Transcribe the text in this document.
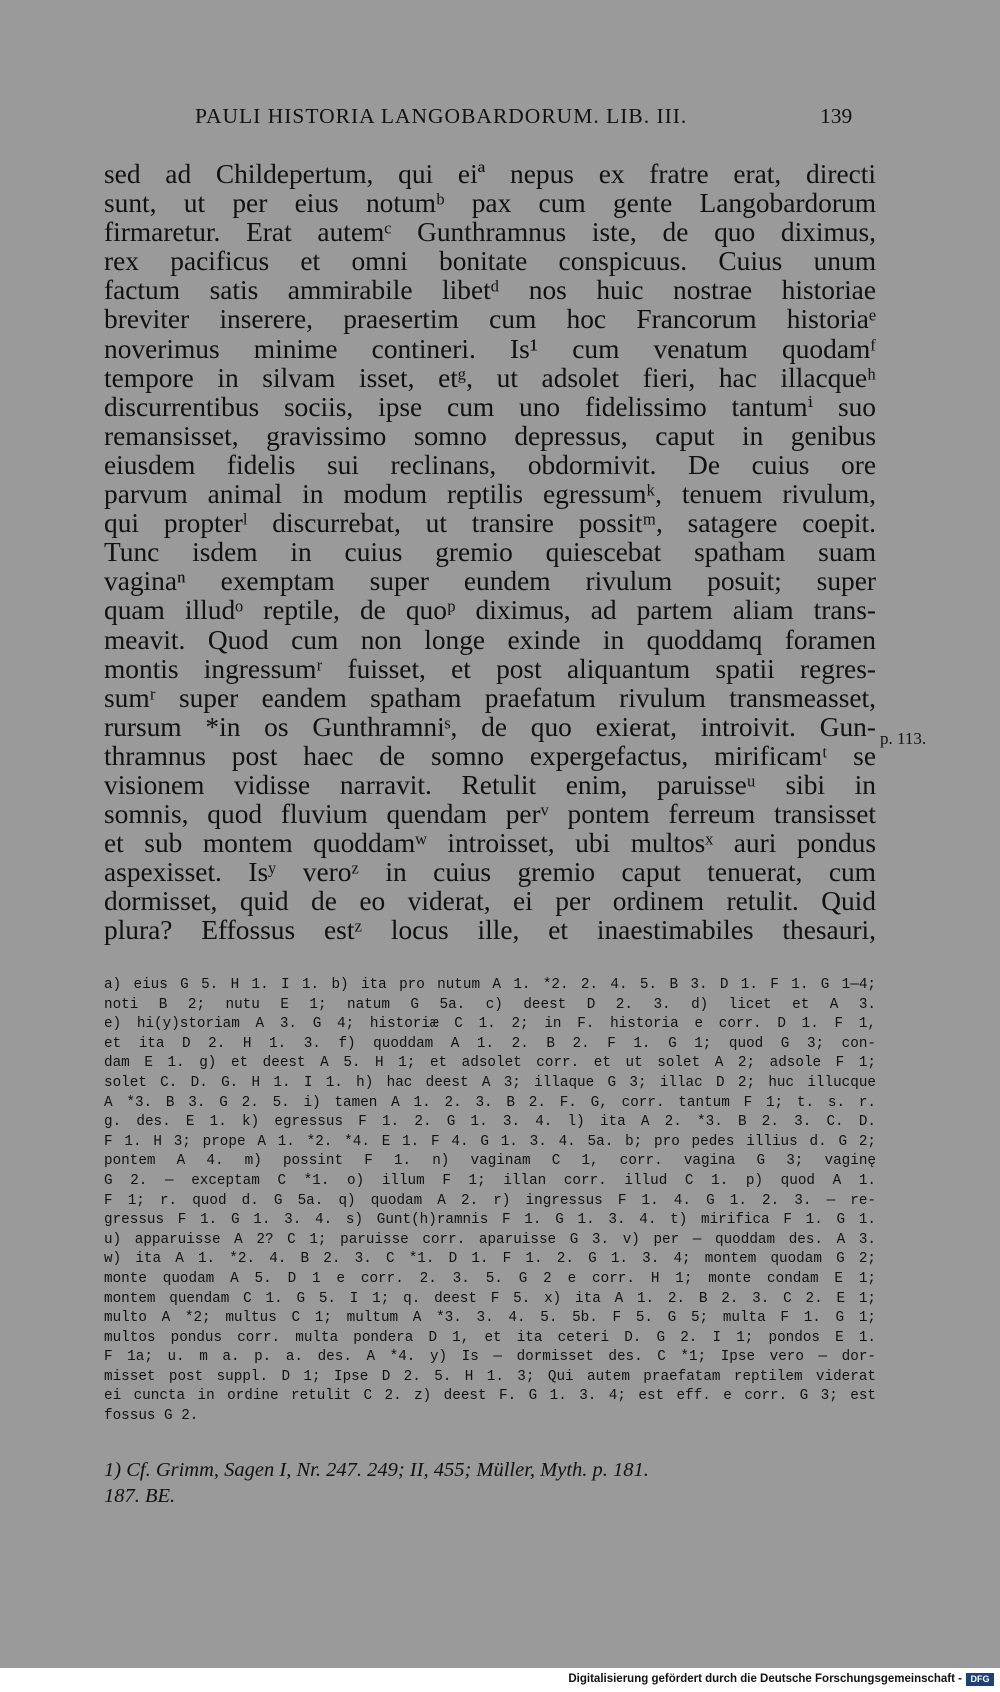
PAULI HISTORIA LANGOBARDORUM. LIB. III.	139
sed ad Childepertum, qui eiª nepus ex fratre erat, directi
sunt, ut per eius notumᵇ pax cum gente Langobardorum
firmaretur. Erat autemᶜ Gunthramnus iste, de quo diximus,
rex pacificus et omni bonitate conspicuus. Cuius unum
factum satis ammirabile libetᵈ nos huic nostrae historiae
breviter inserere, praesertim cum hoc Francorum historiaᵉ
noverimus minime contineri. Is¹ cum venatum quodamᶠ
tempore in silvam isset, etᵍ, ut adsolet fieri, hac illacqueʰ
discurrentibus sociis, ipse cum uno fidelissimo tantumⁱ suo
remansisset, gravissimo somno depressus, caput in genibus
eiusdem fidelis sui reclinans, obdormivit. De cuius ore
parvum animal in modum reptilis egressumᵏ, tenuem rivulum,
qui propterˡ discurrebat, ut transire possitᵐ, satagere coepit.
Tunc isdem in cuius gremio quiescebat spatham suam
vaginaⁿ exemptam super eundem rivulum posuit; super
quam illudᵒ reptile, de quoᵖ diximus, ad partem aliam trans-
meavit. Quod cum non longe exinde in quoddamq foramen
montis ingressumʳ fuisset, et post aliquantum spatii regres-
sumʳ super eandem spatham praefatum rivulum transmeasset,
rursum *in os Gunthramniˢ, de quo exierat, introivit. Gun-
thramnus post haec de somno expergefactus, mirificamᵗ se
visionem vidisse narravit. Retulit enim, paruisseᵘ sibi in
somnis, quod fluvium quendam perᵛ pontem ferreum transisset
et sub montem quoddamʷ introisset, ubi multosˣ auri pondus
aspexisset. Isʸ veroᶻ in cuius gremio caput tenuerat, cum
dormisset, quid de eo viderat, ei per ordinem retulit. Quid
plura? Effossus estᶻ locus ille, et inaestimabiles thesauri,
p. 113.
a) eius G 5. H 1. I 1. b) ita pro nutum A 1. *2. 2. 4. 5. B 3. D 1. F 1. G 1—4;
noti B 2; nutu E 1; natum G 5a. c) deest D 2. 3. d) licet et A 3.
e) hi(y)storiam A 3. G 4; historiæ C 1. 2; in F. historia e corr. D 1. F 1,
et ita D 2. H 1. 3. f) quoddam A 1. 2. B 2. F 1. G 1; quod G 3; con-
dam E 1. g) et deest A 5. H 1; et adsolet corr. et ut solet A 2; adsole F 1;
solet C. D. G. H 1. I 1. h) hac deest A 3; illaque G 3; illac D 2; huc illucque
A *3. B 3. G 2. 5. i) tamen A 1. 2. 3. B 2. F. G, corr. tantum F 1; t. s. r.
g. des. E 1. k) egressus F 1. 2. G 1. 3. 4. l) ita A 2. *3. B 2. 3. C. D.
F 1. H 3; prope A 1. *2. *4. E 1. F 4. G 1. 3. 4. 5a. b; pro pedes illius d. G 2;
pontem A 4. m) possint F 1. n) vaginam C 1, corr. vagina G 3; vaginę
G 2. — exceptam C *1. o) illum F 1; illan corr. illud C 1. p) quod A 1.
F 1; r. quod d. G 5a. q) quodam A 2. r) ingressus F 1. 4. G 1. 2. 3. — re-
gressus F 1. G 1. 3. 4. s) Gunt(h)ramnis F 1. G 1. 3. 4. t) mirifica F 1. G 1.
u) apparuisse A 2? C 1; paruisse corr. aparuisse G 3. v) per — quoddam des. A 3.
w) ita A 1. *2. 4. B 2. 3. C *1. D 1. F 1. 2. G 1. 3. 4; montem quodam G 2;
monte quodam A 5. D 1 e corr. 2. 3. 5. G 2 e corr. H 1; monte condam E 1;
montem quendam C 1. G 5. I 1; q. deest F 5. x) ita A 1. 2. B 2. 3. C 2. E 1;
multo A *2; multus C 1; multum A *3. 3. 4. 5. 5b. F 5. G 5; multa F 1. G 1;
multos pondus corr. multa pondera D 1, et ita ceteri D. G 2. I 1; pondos E 1.
F 1a; u. m a. p. a. des. A *4. y) Is — dormisset des. C *1; Ipse vero — dor-
misset post suppl. D 1; Ipse D 2. 5. H 1. 3; Qui autem praefatam reptilem viderat
ei cuncta in ordine retulit C 2. z) deest F. G 1. 3. 4; est eff. e corr. G 3; est
fossus G 2.
1) Cf. Grimm, Sagen I, Nr. 247. 249; II, 455; Müller, Myth. p. 181.
187. BE.
Digitalisierung gefördert durch die Deutsche Forschungsgemeinschaft - DFG
